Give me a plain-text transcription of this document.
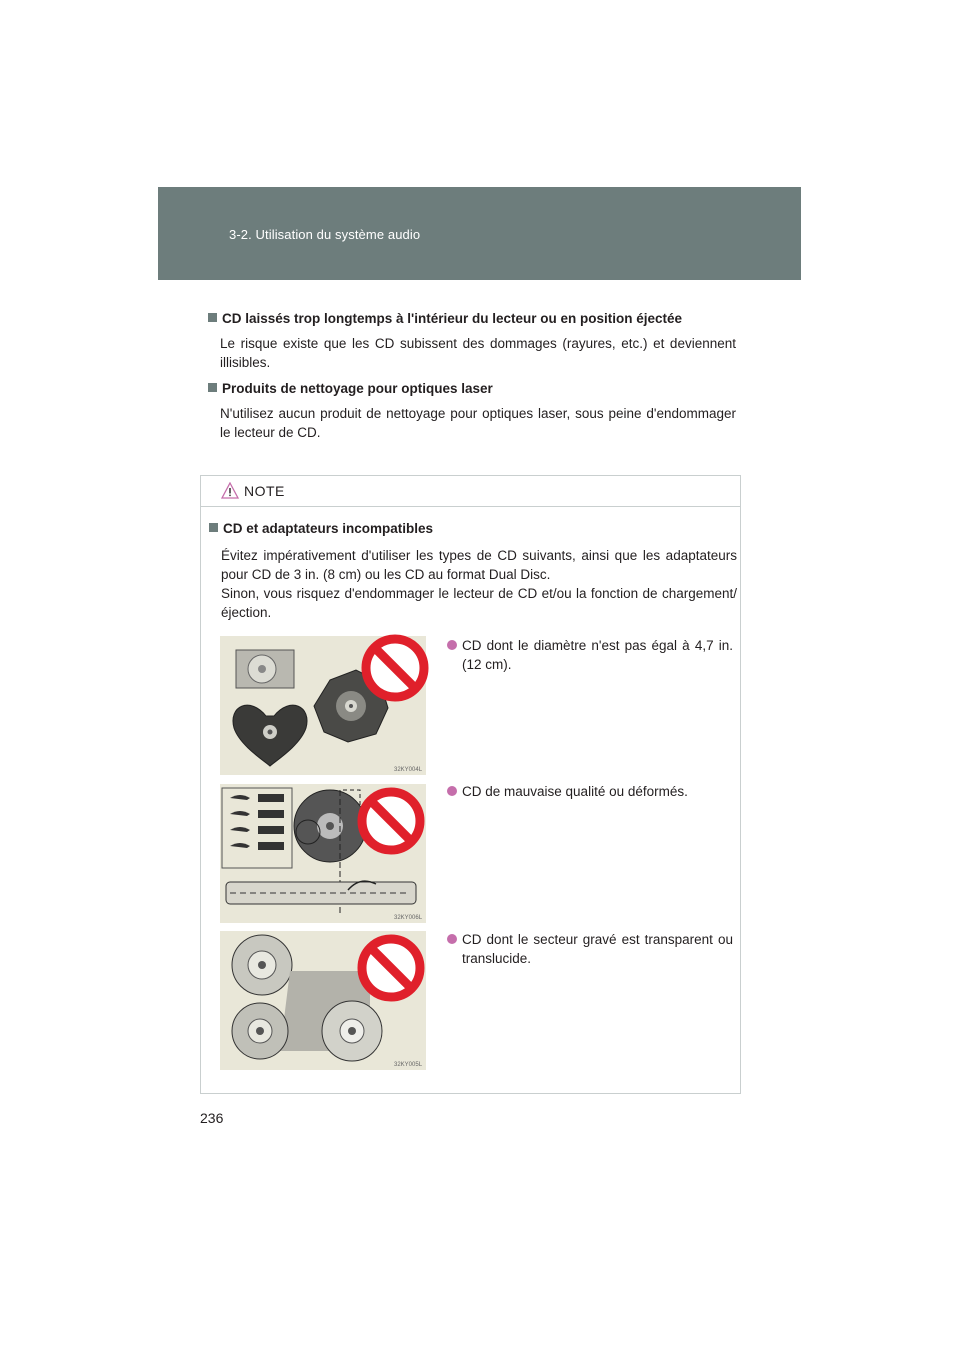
3-2. Utilisation du système audio
CD laissés trop longtemps à l'intérieur du lecteur ou en position éjectée
Le risque existe que les CD subissent des dommages (rayures, etc.) et deviennent illisibles.
Produits de nettoyage pour optiques laser
N'utilisez aucun produit de nettoyage pour optiques laser, sous peine d'endommager le lecteur de CD.
NOTE
CD et adaptateurs incompatibles
Évitez impérativement d'utiliser les types de CD suivants, ainsi que les adaptateurs pour CD de 3 in. (8 cm) ou les CD au format Dual Disc.
Sinon, vous risquez d'endommager le lecteur de CD et/ou la fonction de chargement/éjection.
32KY004L
32KY006L
32KY005L
CD dont le diamètre n'est pas égal à 4,7 in. (12 cm).
CD de mauvaise qualité ou déformés.
CD dont le secteur gravé est transparent ou translucide.
236
